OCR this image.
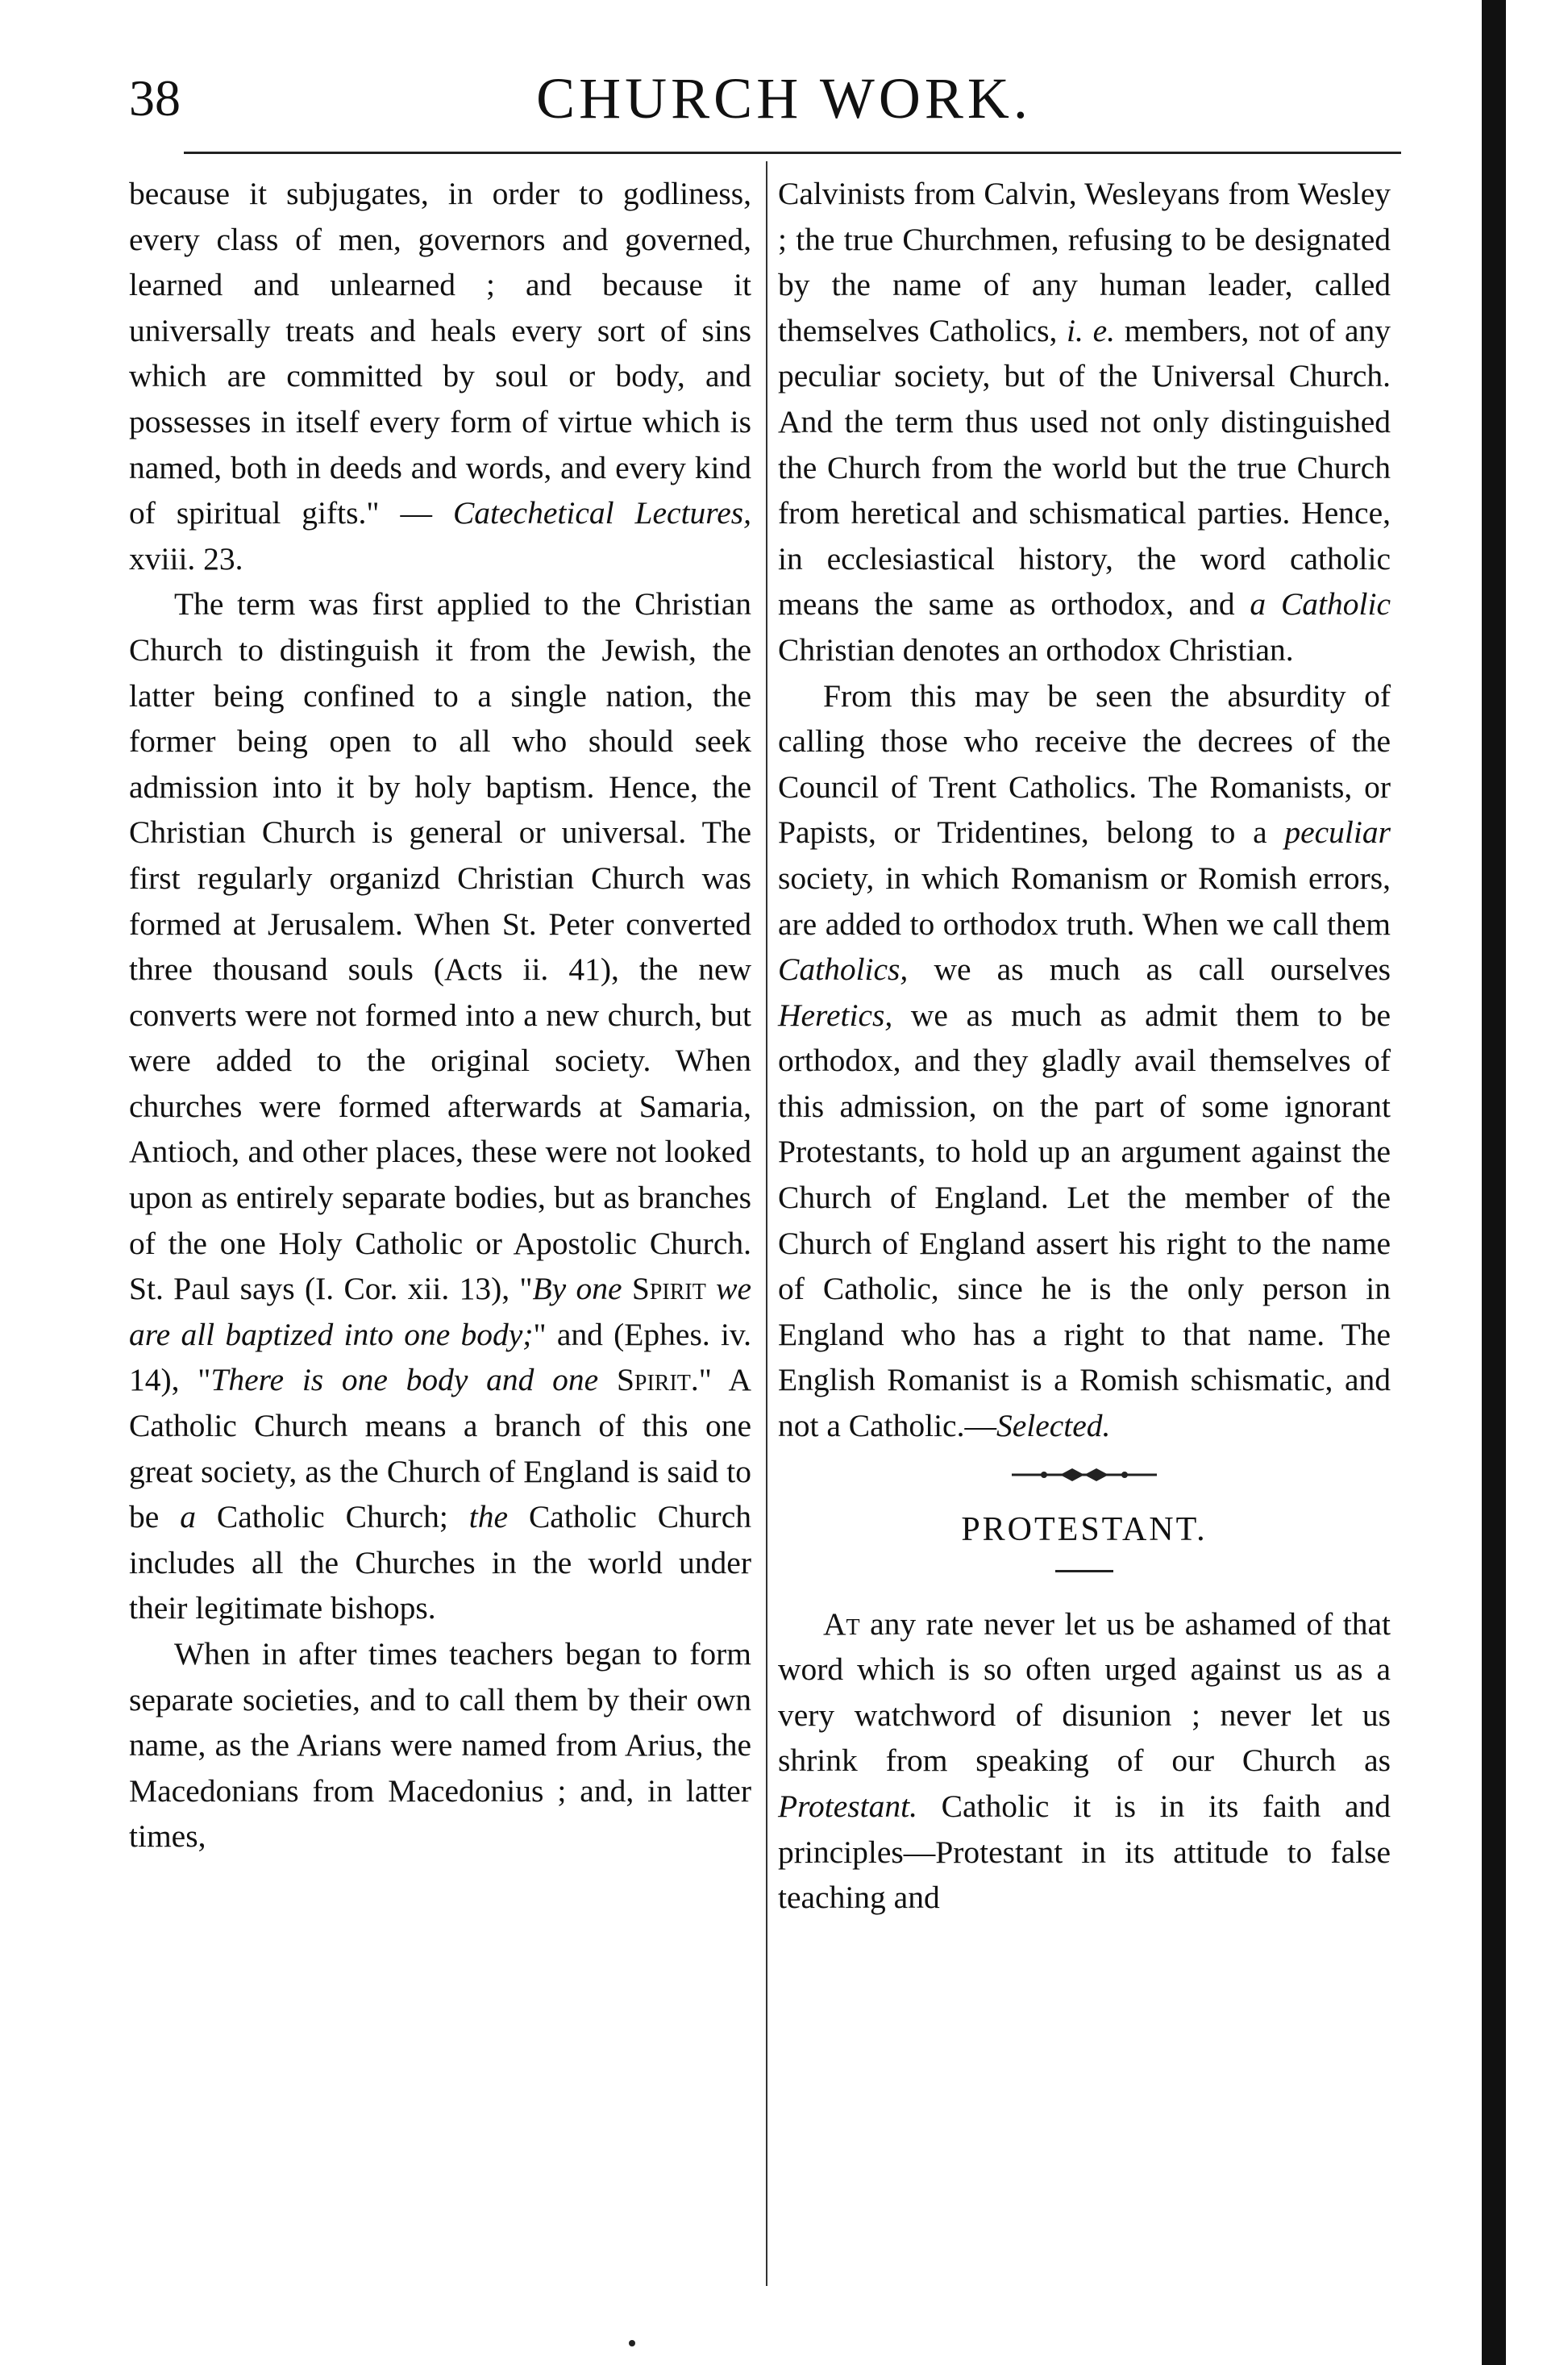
38	CHURCH WORK.

because it subjugates, in order to godliness, every class of men, governors and governed, learned and unlearned ; and because it universally treats and heals every sort of sins which are committed by soul or body, and possesses in itself every form of virtue which is named, both in deeds and words, and every kind of spiritual gifts." — Catechetical Lectures, xviii. 23.

The term was first applied to the Christian Church to distinguish it from the Jewish, the latter being confined to a single nation, the former being open to all who should seek admission into it by holy baptism. Hence, the Christian Church is general or universal. The first regularly organizd Christian Church was formed at Jerusalem. When St. Peter converted three thousand souls (Acts ii. 41), the new converts were not formed into a new church, but were added to the original society. When churches were formed afterwards at Samaria, Antioch, and other places, these were not looked upon as entirely separate bodies, but as branches of the one Holy Catholic or Apostolic Church. St. Paul says (I. Cor. xii. 13), "By one Spirit we are all baptized into one body;" and (Ephes. iv. 14), "There is one body and one Spirit." A Catholic Church means a branch of this one great society, as the Church of England is said to be a Catholic Church; the Catholic Church includes all the Churches in the world under their legitimate bishops.

When in after times teachers began to form separate societies, and to call them by their own name, as the Arians were named from Arius, the Macedonians from Macedonius ; and, in latter times,

Calvinists from Calvin, Wesleyans from Wesley ; the true Churchmen, refusing to be designated by the name of any human leader, called themselves Catholics, i. e. members, not of any peculiar society, but of the Universal Church. And the term thus used not only distinguished the Church from the world but the true Church from heretical and schismatical parties. Hence, in ecclesiastical history, the word catholic means the same as orthodox, and a Catholic Christian denotes an orthodox Christian.

From this may be seen the absurdity of calling those who receive the decrees of the Council of Trent Catholics. The Romanists, or Papists, or Tridentines, belong to a peculiar society, in which Romanism or Romish errors, are added to orthodox truth. When we call them Catholics, we as much as call ourselves Heretics, we as much as admit them to be orthodox, and they gladly avail themselves of this admission, on the part of some ignorant Protestants, to hold up an argument against the Church of England. Let the member of the Church of England assert his right to the name of Catholic, since he is the only person in England who has a right to that name. The English Romanist is a Romish schismatic, and not a Catholic.—Selected.

PROTESTANT.

At any rate never let us be ashamed of that word which is so often urged against us as a very watchword of disunion ; never let us shrink from speaking of our Church as Protestant. Catholic it is in its faith and principles—Protestant in its attitude to false teaching and
